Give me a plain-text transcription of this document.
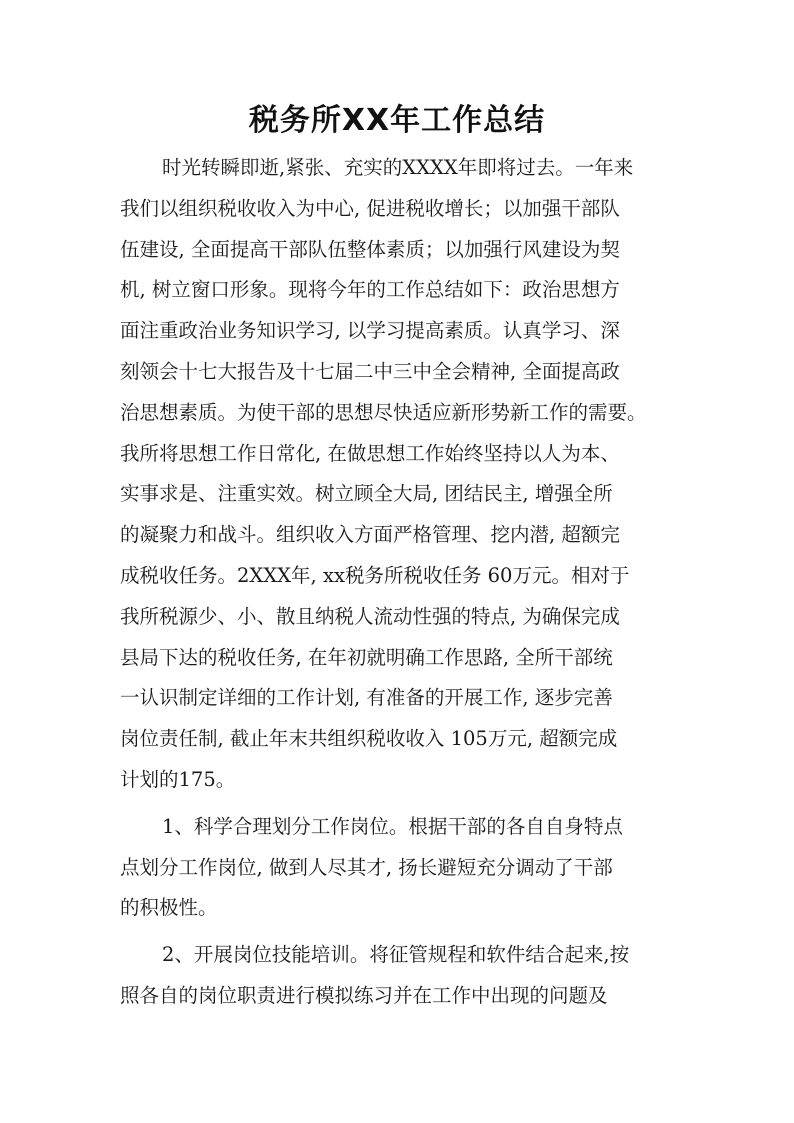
税务所XX年工作总结
时光转瞬即逝,紧张、充实的XXXX年即将过去。一年来
我们以组织税收收入为中心, 促进税收增长；以加强干部队
伍建设, 全面提高干部队伍整体素质；以加强行风建设为契
机, 树立窗口形象。现将今年的工作总结如下：政治思想方
面注重政治业务知识学习, 以学习提高素质。认真学习、深
刻领会十七大报告及十七届二中三中全会精神, 全面提高政
治思想素质。为使干部的思想尽快适应新形势新工作的需要。
我所将思想工作日常化, 在做思想工作始终坚持以人为本、
实事求是、注重实效。树立顾全大局, 团结民主, 增强全所
的凝聚力和战斗。组织收入方面严格管理、挖内潜, 超额完
成税收任务。2XXX年, xx税务所税收任务 60万元。相对于
我所税源少、小、散且纳税人流动性强的特点, 为确保完成
县局下达的税收任务, 在年初就明确工作思路, 全所干部统
一认识制定详细的工作计划, 有准备的开展工作, 逐步完善
岗位责任制, 截止年末共组织税收收入 105万元, 超额完成
计划的175。
1、科学合理划分工作岗位。根据干部的各自自身特点
点划分工作岗位, 做到人尽其才, 扬长避短充分调动了干部
的积极性。
2、开展岗位技能培训。将征管规程和软件结合起来,按
照各自的岗位职责进行模拟练习并在工作中出现的问题及
